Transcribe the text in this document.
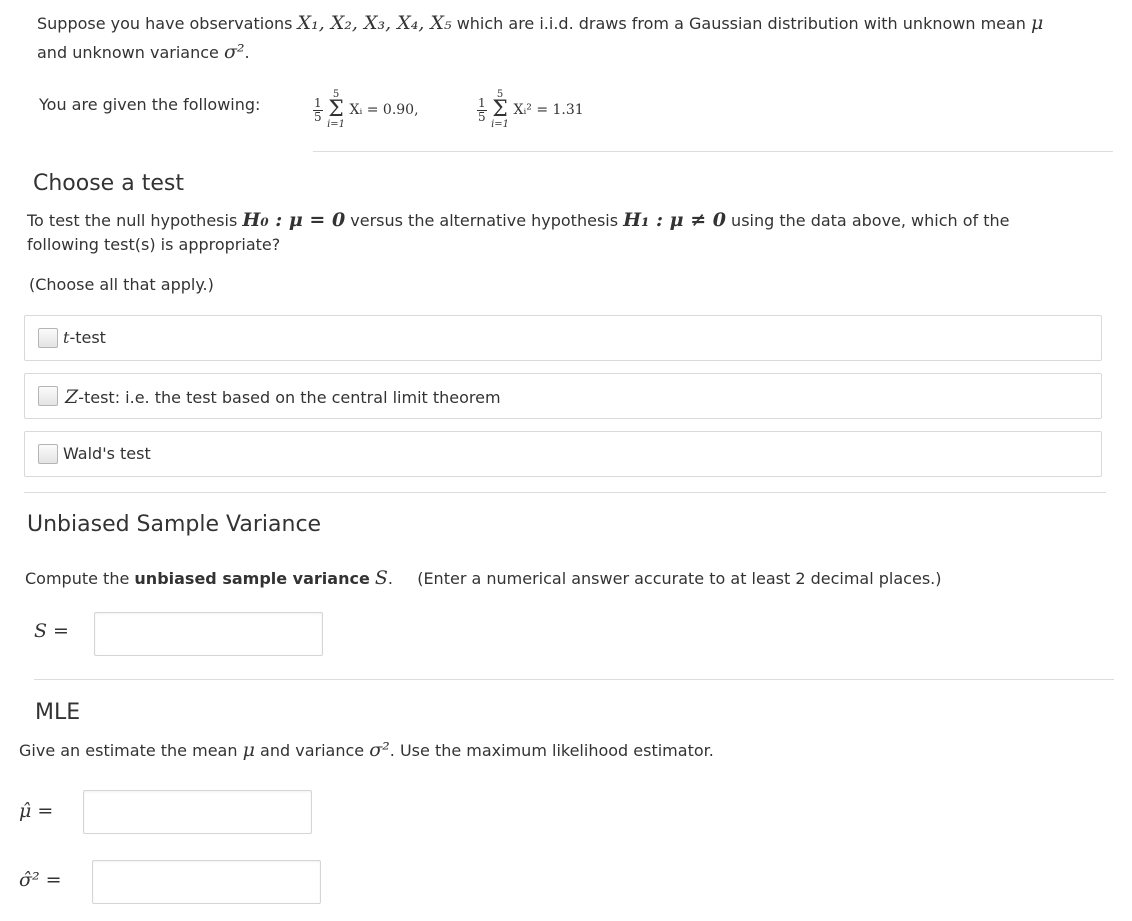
Suppose you have observations X₁, X₂, X₃, X₄, X₅ which are i.i.d. draws from a Gaussian distribution with unknown mean μ
and unknown variance σ².
You are given the following:	$\frac{1}{5}$

5
Σ
i=1
Xᵢ = 0.90,	$\frac{1}{5}$

5
Σ
i=1
Xᵢ² = 1.31
Choose a test
To test the null hypothesis H₀ : μ = 0 versus the alternative hypothesis H₁ : μ ≠ 0 using the data above, which of the
following test(s) is appropriate?
(Choose all that apply.)
t-test
Z-test: i.e. the test based on the central limit theorem
Wald's test
Unbiased Sample Variance
Compute the unbiased sample variance S. (Enter a numerical answer accurate to at least 2 decimal places.)
S =
MLE
Give an estimate the mean μ and variance σ². Use the maximum likelihood estimator.
μ̂ =
σ̂² =
